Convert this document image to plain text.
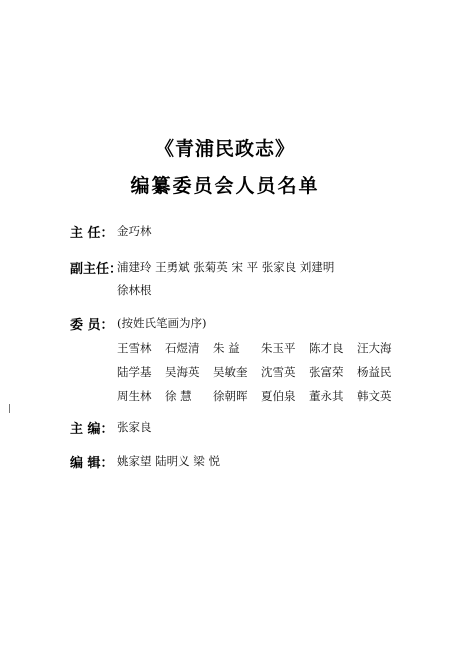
《青浦民政志》
编纂委员会人员名单
主 任： 金巧林
副主任：
浦建玲 王勇斌 张菊英 宋 平 张家良 刘建明
徐林根
委 员： (按姓氏笔画为序)
王雪林	石煜清	朱 益	朱玉平	陈才良	汪大海
陆学基	吴海英	吴敏奎	沈雪英	张富荣	杨益民
周生林	徐 慧	徐朝晖	夏伯泉	董永其	韩文英
主 编： 张家良
编 辑： 姚家望 陆明义 梁 悦
